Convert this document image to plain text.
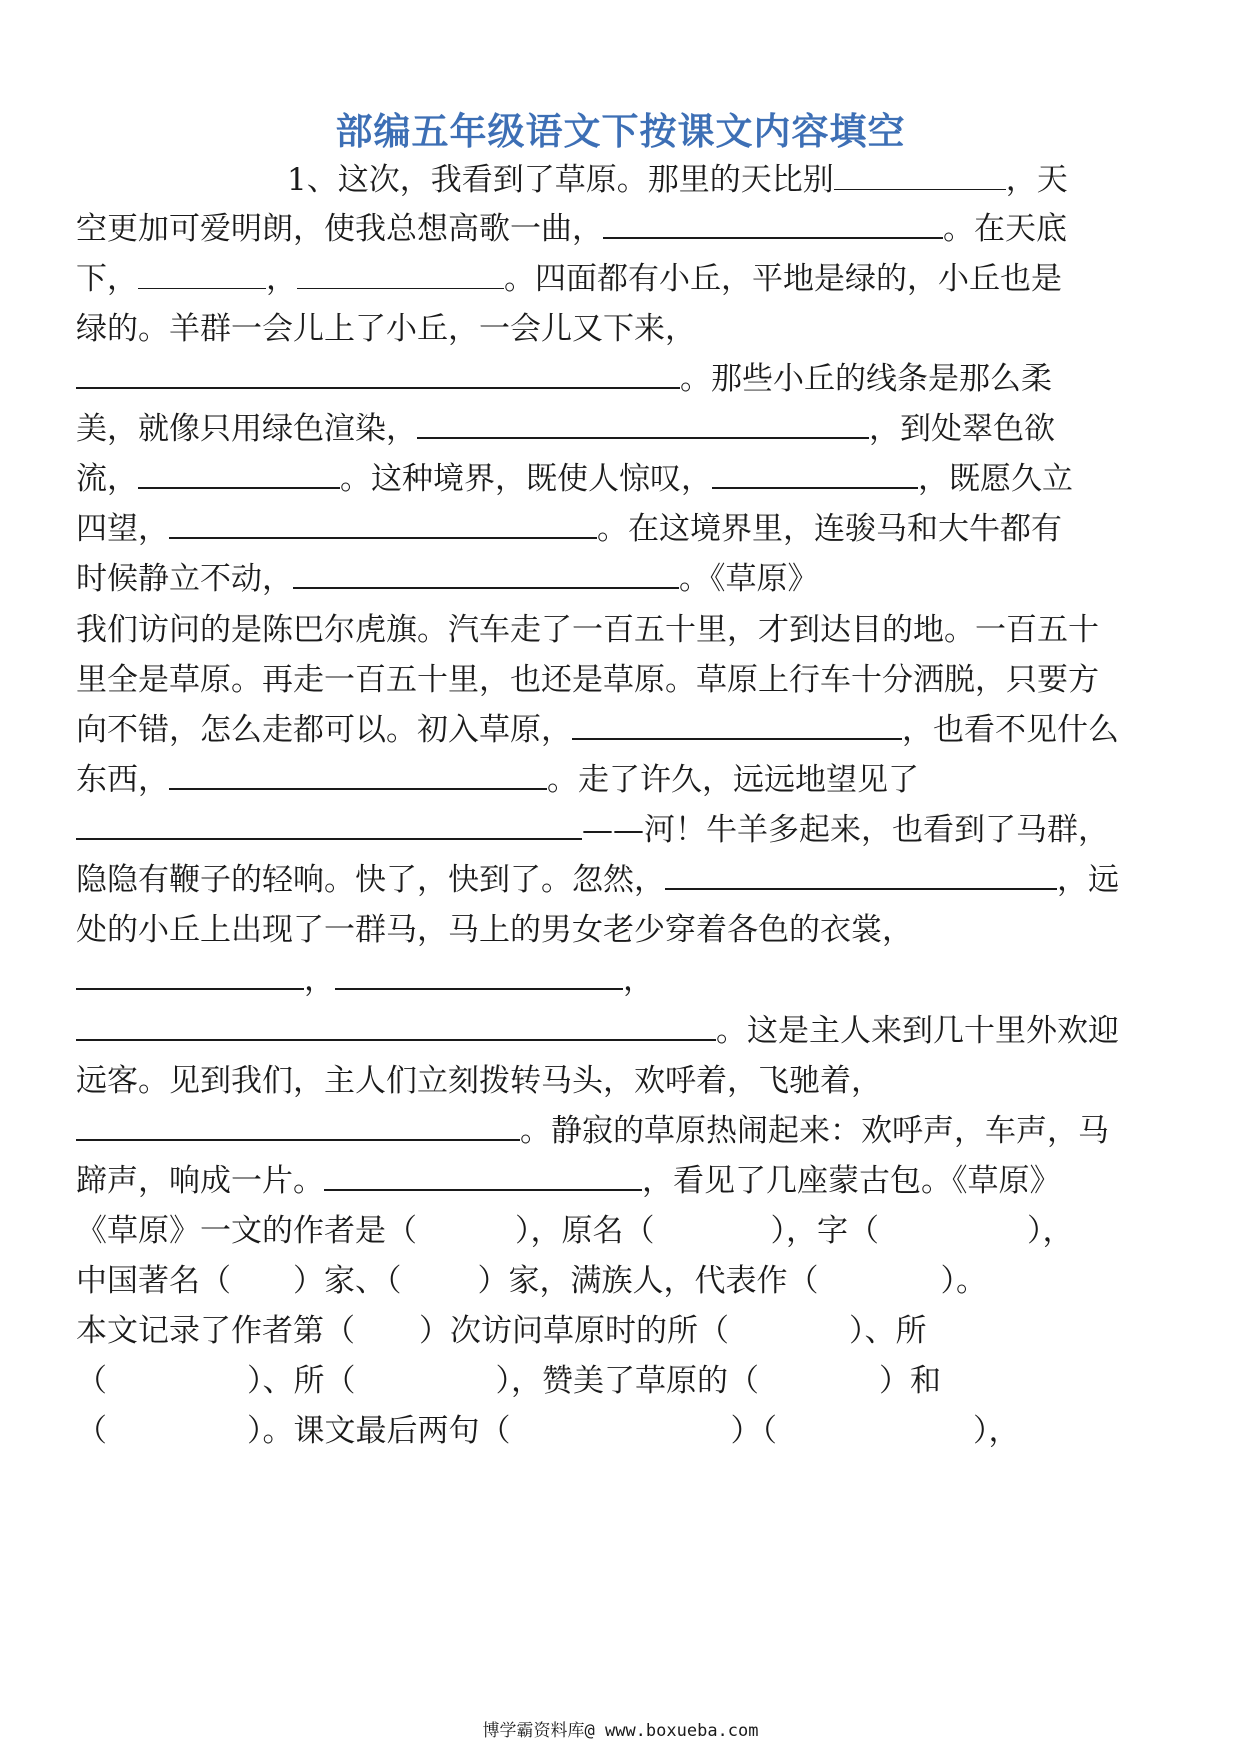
部编五年级语文下按课文内容填空
1、这次，我看到了草原。那里的天比别	，天
空更加可爱明朗，使我总想高歌一曲，	。在天底
下，	，	。四面都有小丘，平地是绿的，小丘也是
绿的。羊群一会儿上了小丘，一会儿又下来，
。那些小丘的线条是那么柔
美，就像只用绿色渲染，	，到处翠色欲
流，	。这种境界，既使人惊叹，	，既愿久立
四望，	。在这境界里，连骏马和大牛都有
时候静立不动，	。《草原》
我们访问的是陈巴尔虎旗。汽车走了一百五十里，才到达目的地。一百五十
里全是草原。再走一百五十里，也还是草原。草原上行车十分洒脱，只要方
向不错，怎么走都可以。初入草原，	，也看不见什么
东西，	。走了许久，远远地望见了
——河！牛羊多起来，也看到了马群，
隐隐有鞭子的轻响。快了，快到了。忽然，	，远
处的小丘上出现了一群马，马上的男女老少穿着各色的衣裳，
，	，
。这是主人来到几十里外欢迎
远客。见到我们，主人们立刻拨转马头，欢呼着，飞驰着，
。静寂的草原热闹起来：欢呼声，车声，马
蹄声，响成一片。	，看见了几座蒙古包。《草原》
《草原》一文的作者是（	），原名（	），字（	），
中国著名（ ）家、（ ）家，满族人，代表作（	）。
本文记录了作者第（ ）次访问草原时的所（	）、所
（	）、所（	），赞美了草原的（	）和
（	）。课文最后两句（	）（	），
博学霸资料库@ www.boxueba.com
